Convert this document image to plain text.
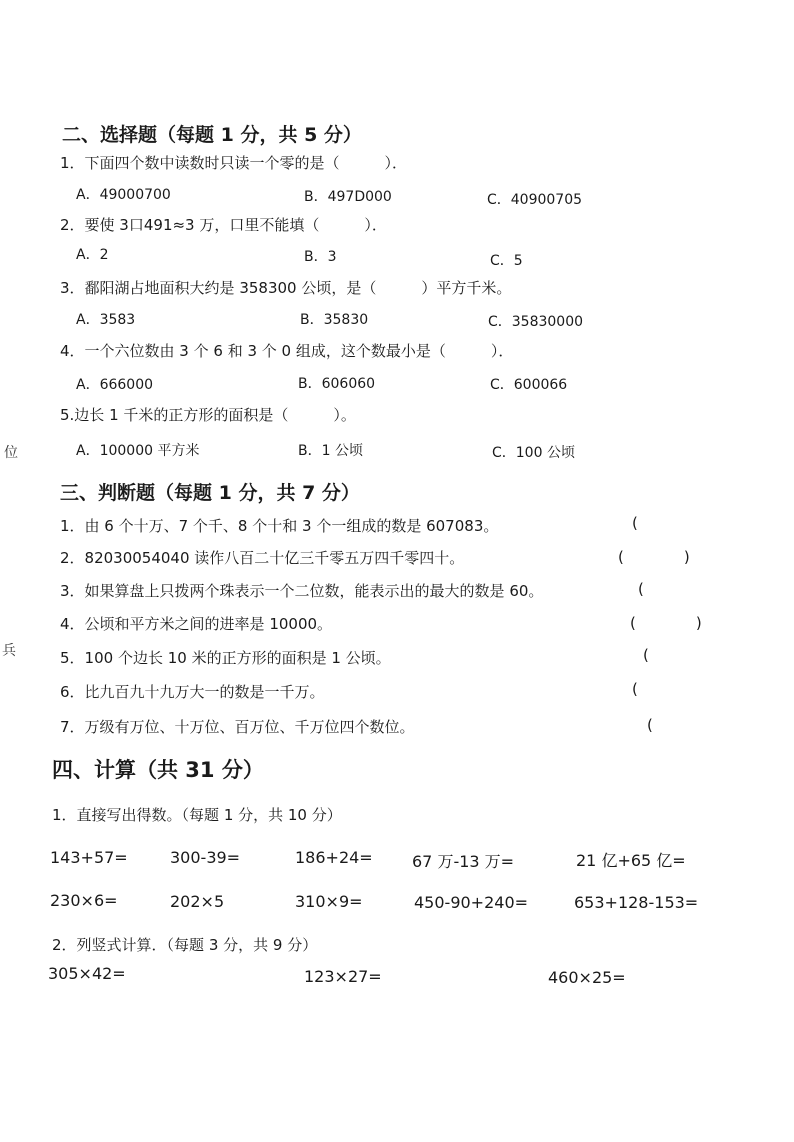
位
兵
二、选择题（每题 1 分，共 5 分）
1．下面四个数中读数时只读一个零的是（　　　）．
A．49000700	B．497D000	C．40900705
2．要使 3口491≈3 万，口里不能填（　　　）．
A．2	B．3	C．5
3．鄱阳湖占地面积大约是 358300 公顷，是（　　　）平方千米。
A．3583	B．35830	C．35830000
4．一个六位数由 3 个 6 和 3 个 0 组成，这个数最小是（　　　）．
A．666000	B．606060	C．600066
5.边长 1 千米的正方形的面积是（　　　）。
A．100000 平方米	B．1 公顷	C．100 公顷
三、判断题（每题 1 分，共 7 分）
1．由 6 个十万、7 个千、8 个十和 3 个一组成的数是 607083。	(
2．82030054040 读作八百二十亿三千零五万四千零四十。	(　　　　)
3．如果算盘上只拨两个珠表示一个二位数，能表示出的最大的数是 60。	(
4．公顷和平方米之间的进率是 10000。	(　　　　)
5．100 个边长 10 米的正方形的面积是 1 公顷。	(
6．比九百九十九万大一的数是一千万。	(
7．万级有万位、十万位、百万位、千万位四个数位。	(
四、计算（共 31 分）
1．直接写出得数。（每题 1 分，共 10 分）
143+57=	300-39=	186+24= 67 万-13 万=	21 亿+65 亿=
230×6=	202×5	310×9=	450-90+240=	653+128-153=
2．列竖式计算．（每题 3 分，共 9 分）
305×42=	123×27=	460×25=
